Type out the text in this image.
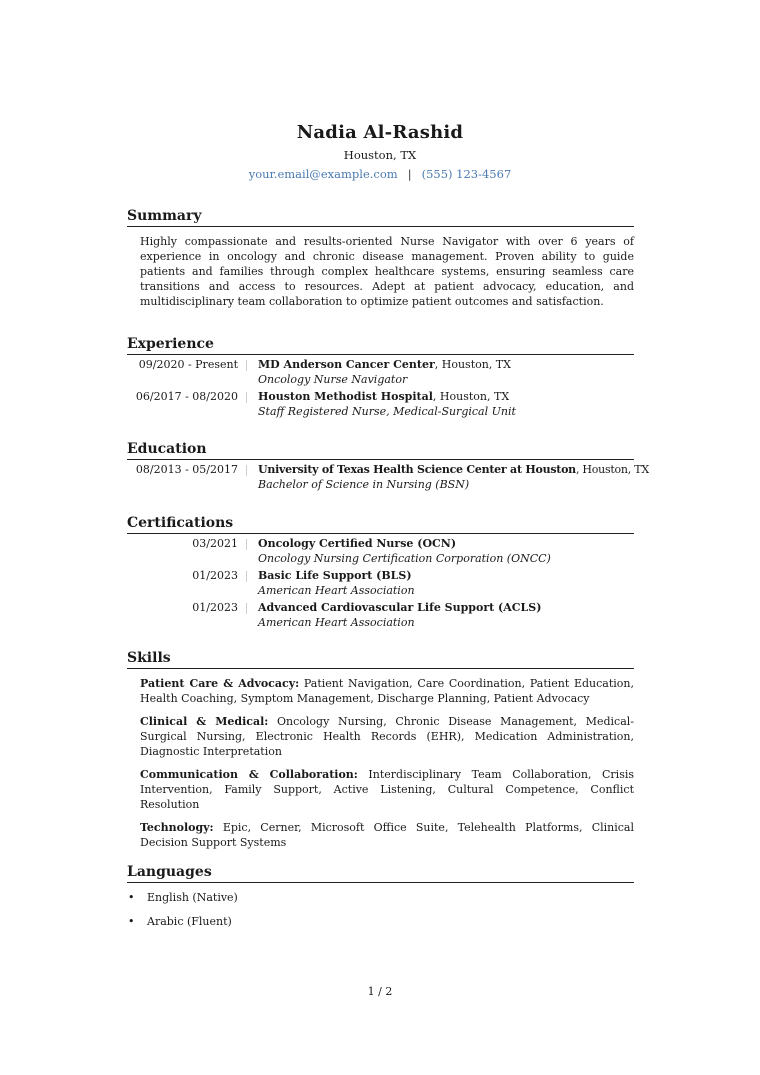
Nadia Al-Rashid
Houston, TX
your.email@example.com | (555) 123-4567
Summary
Highly compassionate and results-oriented Nurse Navigator with over 6 years of experience in oncology and chronic disease management. Proven ability to guide patients and families through complex healthcare systems, ensuring seamless care transitions and access to resources. Adept at patient advocacy, education, and multidisciplinary team collaboration to optimize patient outcomes and satisfaction.
Experience
09/2020 - Present	MD Anderson Cancer Center, Houston, TX
Oncology Nurse Navigator
06/2017 - 08/2020	Houston Methodist Hospital, Houston, TX
Staff Registered Nurse, Medical-Surgical Unit
Education
08/2013 - 05/2017	University of Texas Health Science Center at Houston, Houston, TX
Bachelor of Science in Nursing (BSN)
Certifications
03/2021	Oncology Certified Nurse (OCN)
Oncology Nursing Certification Corporation (ONCC)
01/2023	Basic Life Support (BLS)
American Heart Association
01/2023	Advanced Cardiovascular Life Support (ACLS)
American Heart Association
Skills
Patient Care & Advocacy: Patient Navigation, Care Coordination, Patient Education, Health Coaching, Symptom Management, Discharge Planning, Patient Advocacy
Clinical & Medical: Oncology Nursing, Chronic Disease Management, Medical-Surgical Nursing, Electronic Health Records (EHR), Medication Administration, Diagnostic Interpretation
Communication & Collaboration: Interdisciplinary Team Collaboration, Crisis Intervention, Family Support, Active Listening, Cultural Competence, Conflict Resolution
Technology: Epic, Cerner, Microsoft Office Suite, Telehealth Platforms, Clinical Decision Support Systems
Languages
•	English (Native)
•	Arabic (Fluent)
1 / 2
